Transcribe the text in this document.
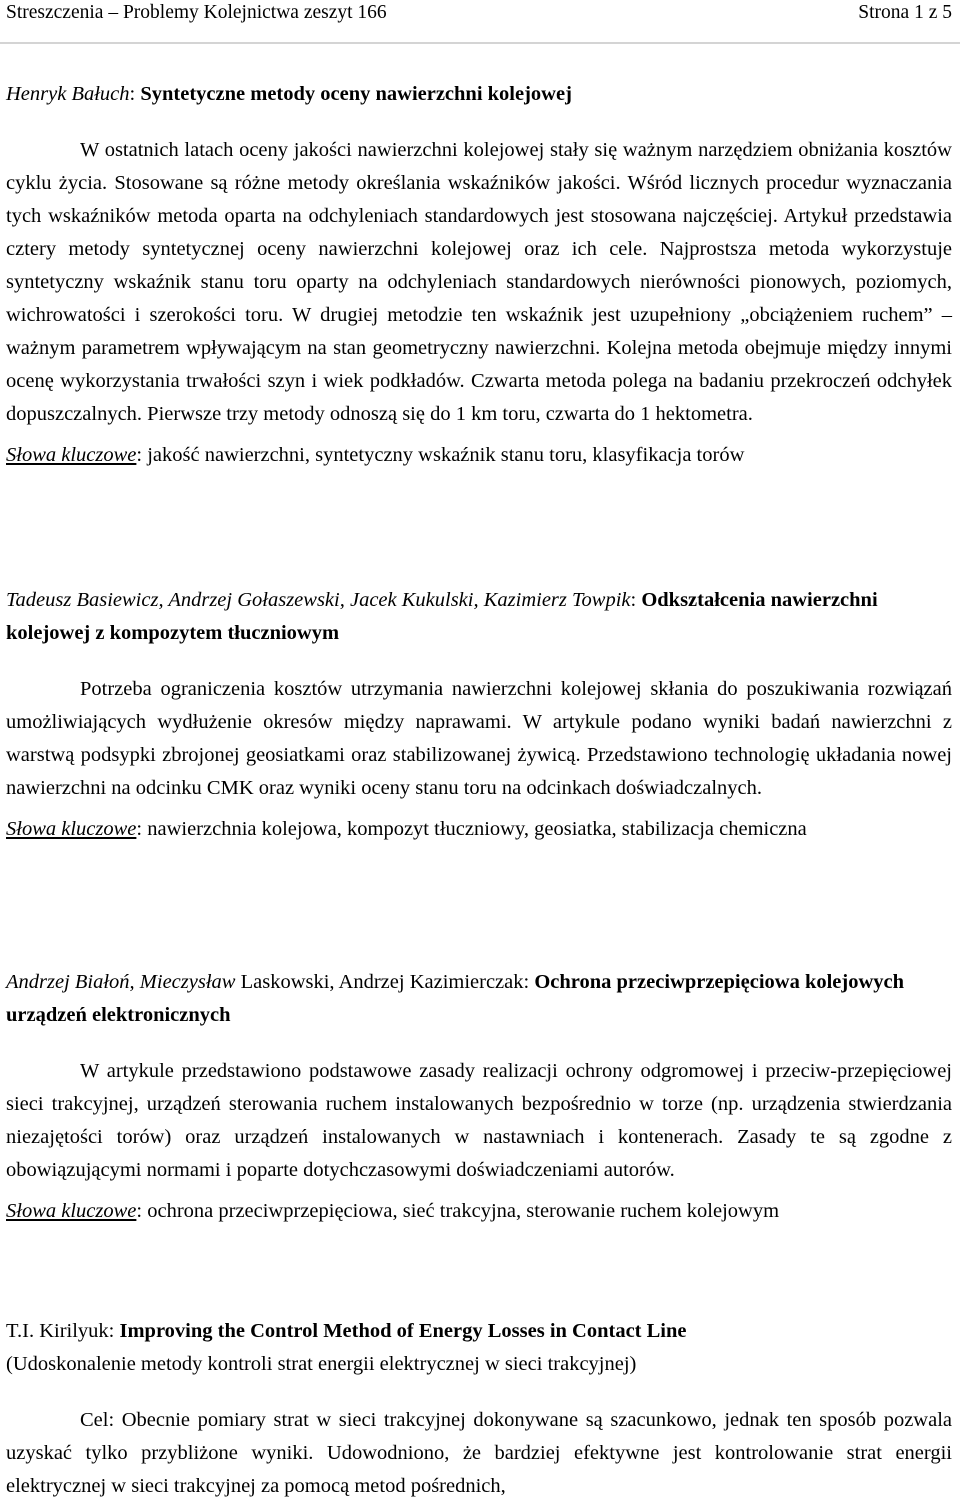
Streszczenia – Problemy Kolejnictwa zeszyt 166	Strona 1 z 5
Henryk Bałuch: Syntetyczne metody oceny nawierzchni kolejowej

W ostatnich latach oceny jakości nawierzchni kolejowej stały się ważnym narzędziem obniżania kosztów cyklu życia. Stosowane są różne metody określania wskaźników jakości. Wśród licznych procedur wyznaczania tych wskaźników metoda oparta na odchyleniach standardowych jest stosowana najczęściej. Artykuł przedstawia cztery metody syntetycznej oceny nawierzchni kolejowej oraz ich cele. Najprostsza metoda wykorzystuje syntetyczny wskaźnik stanu toru oparty na odchyleniach standardowych nierówności pionowych, poziomych, wichrowatości i szerokości toru. W drugiej metodzie ten wskaźnik jest uzupełniony „obciążeniem ruchem” – ważnym parametrem wpływającym na stan geometryczny nawierzchni. Kolejna metoda obejmuje między innymi ocenę wykorzystania trwałości szyn i wiek podkładów. Czwarta metoda polega na badaniu przekroczeń odchyłek dopuszczalnych. Pierwsze trzy metody odnoszą się do 1 km toru, czwarta do 1 hektometra.

Słowa kluczowe: jakość nawierzchni, syntetyczny wskaźnik stanu toru, klasyfikacja torów

Tadeusz Basiewicz, Andrzej Gołaszewski, Jacek Kukulski, Kazimierz Towpik: Odkształcenia nawierzchni kolejowej z kompozytem tłuczniowym

Potrzeba ograniczenia kosztów utrzymania nawierzchni kolejowej skłania do poszukiwania rozwiązań umożliwiających wydłużenie okresów między naprawami. W artykule podano wyniki badań nawierzchni z warstwą podsypki zbrojonej geosiatkami oraz stabilizowanej żywicą. Przedstawiono technologię układania nowej nawierzchni na odcinku CMK oraz wyniki oceny stanu toru na odcinkach doświadczalnych.

Słowa kluczowe: nawierzchnia kolejowa, kompozyt tłuczniowy, geosiatka, stabilizacja chemiczna

Andrzej Białoń, Mieczysław Laskowski, Andrzej Kazimierczak: Ochrona przeciwprzepięciowa kolejowych urządzeń elektronicznych

W artykule przedstawiono podstawowe zasady realizacji ochrony odgromowej i przeciw-przepięciowej sieci trakcyjnej, urządzeń sterowania ruchem instalowanych bezpośrednio w torze (np. urządzenia stwierdzania niezajętości torów) oraz urządzeń instalowanych w nastawniach i kontenerach. Zasady te są zgodne z obowiązującymi normami i poparte dotychczasowymi doświadczeniami autorów.

Słowa kluczowe: ochrona przeciwprzepięciowa, sieć trakcyjna, sterowanie ruchem kolejowym

T.I. Kirilyuk: Improving the Control Method of Energy Losses in Contact Line
(Udoskonalenie metody kontroli strat energii elektrycznej w sieci trakcyjnej)

Cel: Obecnie pomiary strat w sieci trakcyjnej dokonywane są szacunkowo, jednak ten sposób pozwala uzyskać tylko przybliżone wyniki. Udowodniono, że bardziej efektywne jest kontrolowanie strat energii elektrycznej w sieci trakcyjnej za pomocą metod pośrednich,
